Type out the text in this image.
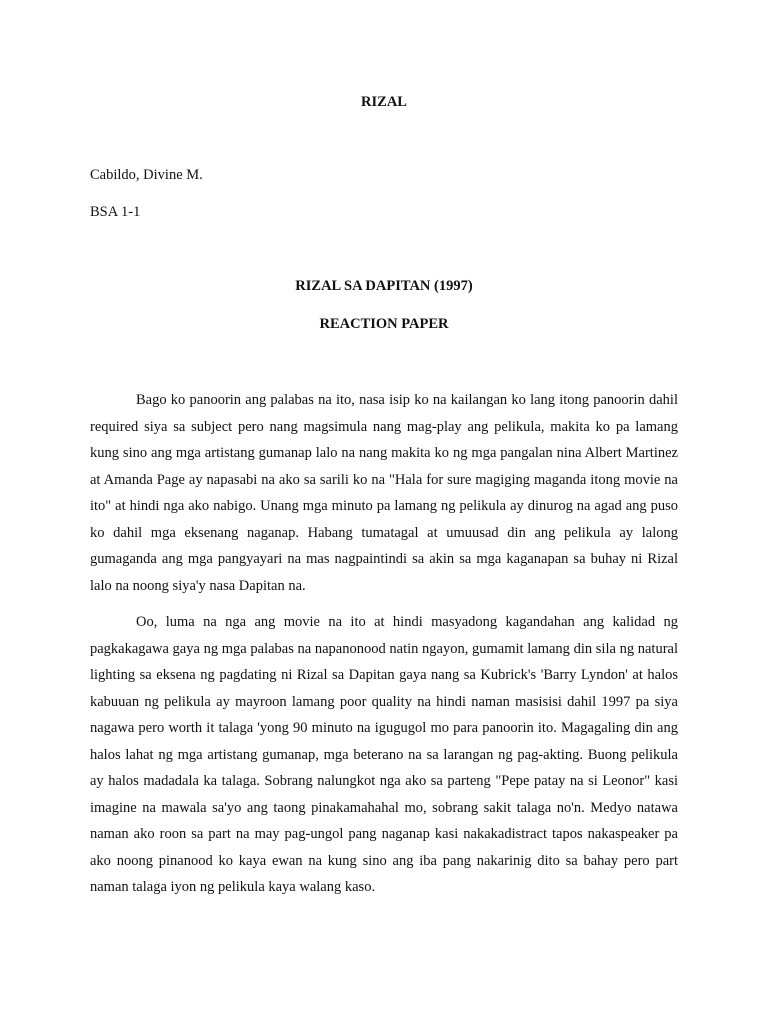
RIZAL
Cabildo, Divine M.
BSA 1-1
RIZAL SA DAPITAN (1997)
REACTION PAPER

Bago ko panoorin ang palabas na ito, nasa isip ko na kailangan ko lang itong panoorin dahil required siya sa subject pero nang magsimula nang mag-play ang pelikula, makita ko pa lamang kung sino ang mga artistang gumanap lalo na nang makita ko ng mga pangalan nina Albert Martinez at Amanda Page ay napasabi na ako sa sarili ko na "Hala for sure magiging maganda itong movie na ito" at hindi nga ako nabigo. Unang mga minuto pa lamang ng pelikula ay dinurog na agad ang puso ko dahil mga eksenang naganap. Habang tumatagal at umuusad din ang pelikula ay lalong gumaganda ang mga pangyayari na mas nagpaintindi sa akin sa mga kaganapan sa buhay ni Rizal lalo na noong siya'y nasa Dapitan na.

Oo, luma na nga ang movie na ito at hindi masyadong kagandahan ang kalidad ng pagkakagawa gaya ng mga palabas na napanonood natin ngayon, gumamit lamang din sila ng natural lighting sa eksena ng pagdating ni Rizal sa Dapitan gaya nang sa Kubrick's 'Barry Lyndon' at halos kabuuan ng pelikula ay mayroon lamang poor quality na hindi naman masisisi dahil 1997 pa siya nagawa pero worth it talaga 'yong 90 minuto na igugugol mo para panoorin ito. Magagaling din ang halos lahat ng mga artistang gumanap, mga beterano na sa larangan ng pag-akting. Buong pelikula ay halos madadala ka talaga. Sobrang nalungkot nga ako sa parteng "Pepe patay na si Leonor" kasi imagine na mawala sa'yo ang taong pinakamahahal mo, sobrang sakit talaga no'n. Medyo natawa naman ako roon sa part na may pag-ungol pang naganap kasi nakakadistract tapos nakaspeaker pa ako noong pinanood ko kaya ewan na kung sino ang iba pang nakarinig dito sa bahay pero part naman talaga iyon ng pelikula kaya walang kaso.
